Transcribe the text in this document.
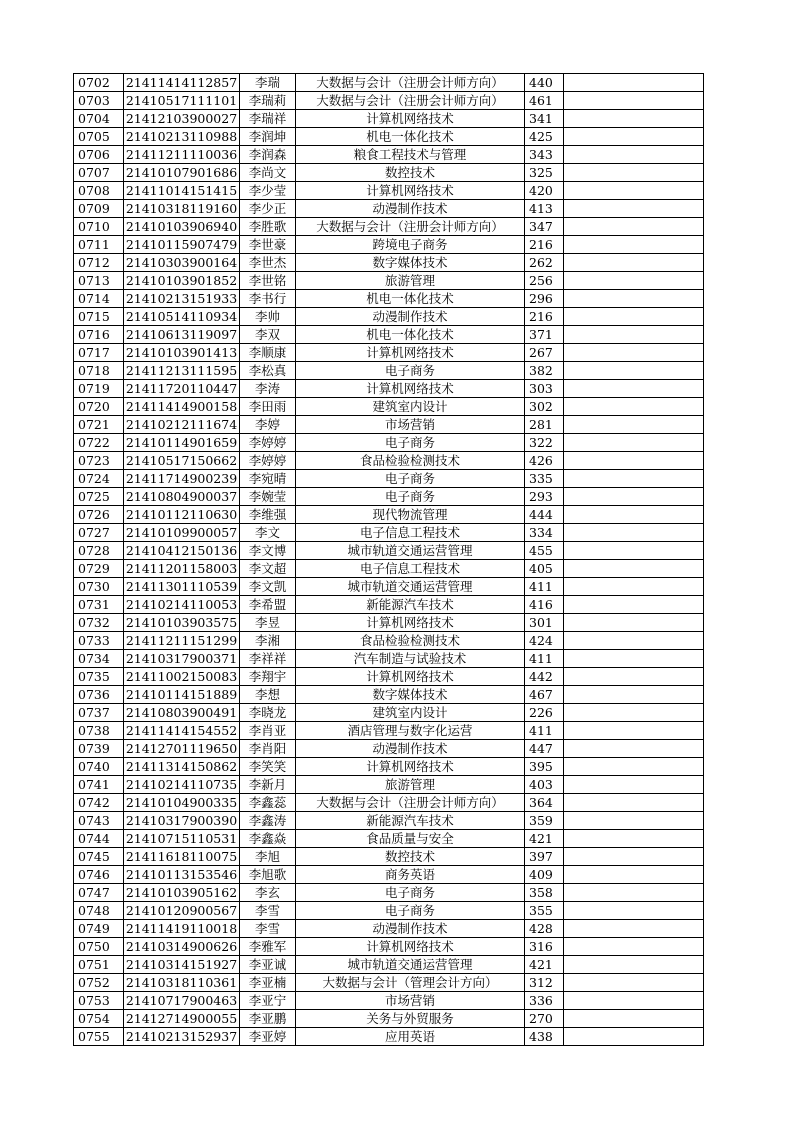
0702	21411414112857	李瑞	大数据与会计（注册会计师方向）	440	
0703	21410517111101	李瑞莉	大数据与会计（注册会计师方向）	461	
0704	21412103900027	李瑞祥	计算机网络技术	341	
0705	21410213110988	李润坤	机电一体化技术	425	
0706	21411211110036	李润森	粮食工程技术与管理	343	
0707	21410107901686	李尚文	数控技术	325	
0708	21411014151415	李少莹	计算机网络技术	420	
0709	21410318119160	李少正	动漫制作技术	413	
0710	21410103906940	李胜歌	大数据与会计（注册会计师方向）	347	
0711	21410115907479	李世豪	跨境电子商务	216	
0712	21410303900164	李世杰	数字媒体技术	262	
0713	21410103901852	李世铭	旅游管理	256	
0714	21410213151933	李书行	机电一体化技术	296	
0715	21410514110934	李帅	动漫制作技术	216	
0716	21410613119097	李双	机电一体化技术	371	
0717	21410103901413	李顺康	计算机网络技术	267	
0718	21411213111595	李松真	电子商务	382	
0719	21411720110447	李涛	计算机网络技术	303	
0720	21411414900158	李田雨	建筑室内设计	302	
0721	21410212111674	李婷	市场营销	281	
0722	21410114901659	李婷婷	电子商务	322	
0723	21410517150662	李婷婷	食品检验检测技术	426	
0724	21411714900239	李宛晴	电子商务	335	
0725	21410804900037	李婉莹	电子商务	293	
0726	21410112110630	李维强	现代物流管理	444	
0727	21410109900057	李文	电子信息工程技术	334	
0728	21410412150136	李文博	城市轨道交通运营管理	455	
0729	21411201158003	李文超	电子信息工程技术	405	
0730	21411301110539	李文凯	城市轨道交通运营管理	411	
0731	21410214110053	李希盟	新能源汽车技术	416	
0732	21410103903575	李昱	计算机网络技术	301	
0733	21411211151299	李湘	食品检验检测技术	424	
0734	21410317900371	李祥祥	汽车制造与试验技术	411	
0735	21411002150083	李翔宇	计算机网络技术	442	
0736	21410114151889	李想	数字媒体技术	467	
0737	21410803900491	李晓龙	建筑室内设计	226	
0738	21411414154552	李肖亚	酒店管理与数字化运营	411	
0739	21412701119650	李肖阳	动漫制作技术	447	
0740	21411314150862	李笑笑	计算机网络技术	395	
0741	21410214110735	李新月	旅游管理	403	
0742	21410104900335	李鑫蕊	大数据与会计（注册会计师方向）	364	
0743	21410317900390	李鑫涛	新能源汽车技术	359	
0744	21410715110531	李鑫焱	食品质量与安全	421	
0745	21411618110075	李旭	数控技术	397	
0746	21410113153546	李旭歌	商务英语	409	
0747	21410103905162	李玄	电子商务	358	
0748	21410120900567	李雪	电子商务	355	
0749	21411419110018	李雪	动漫制作技术	428	
0750	21410314900626	李雅军	计算机网络技术	316	
0751	21410314151927	李亚诚	城市轨道交通运营管理	421	
0752	21410318110361	李亚楠	大数据与会计（管理会计方向）	312	
0753	21410717900463	李亚宁	市场营销	336	
0754	21412714900055	李亚鹏	关务与外贸服务	270	
0755	21410213152937	李亚婷	应用英语	438	
